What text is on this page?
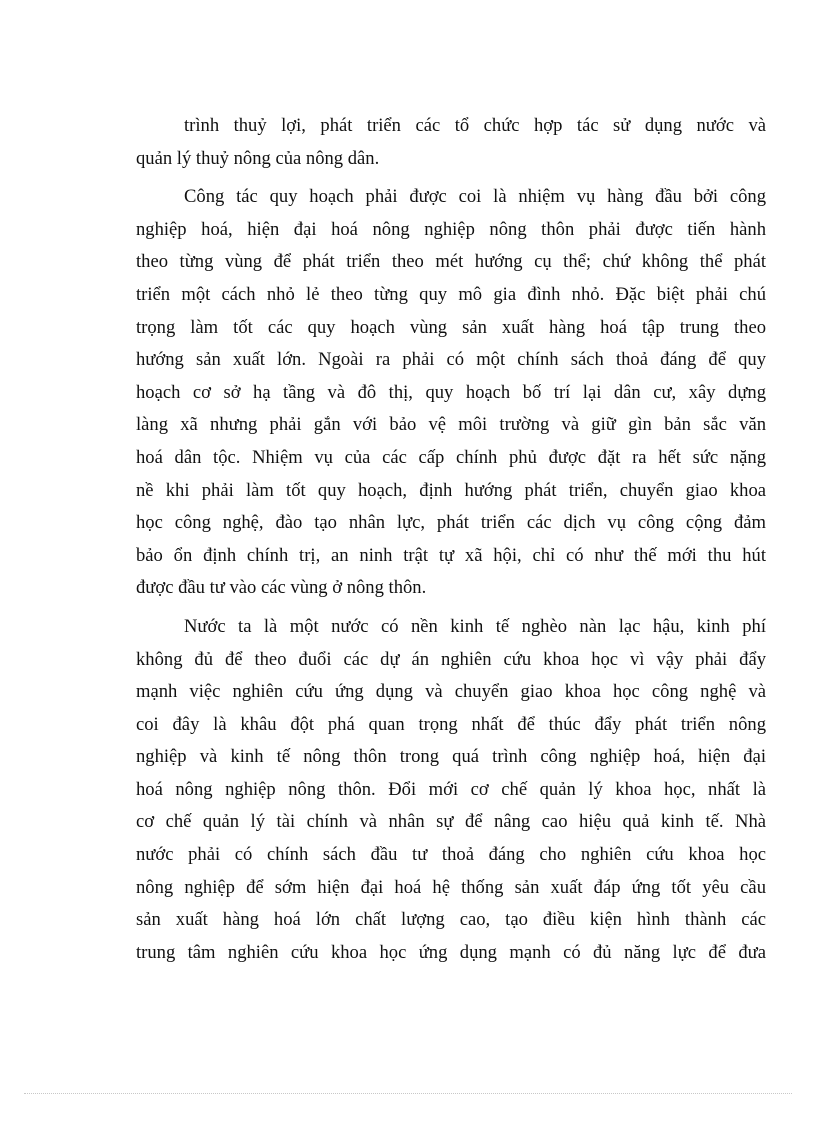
trình thuỷ lợi, phát triển các tổ chức hợp tác sử dụng nước và
quản lý thuỷ nông của nông dân.
Công tác quy hoạch phải được coi là nhiệm vụ hàng đầu bởi công
nghiệp hoá, hiện đại hoá nông nghiệp nông thôn phải được tiến hành
theo từng vùng để phát triển theo mét hướng cụ thể; chứ không thể phát
triển một cách nhỏ lẻ theo từng quy mô gia đình nhỏ. Đặc biệt phải chú
trọng làm tốt các quy hoạch vùng sản xuất hàng hoá tập trung theo
hướng sản xuất lớn. Ngoài ra phải có một chính sách thoả đáng để quy
hoạch cơ sở hạ tầng và đô thị, quy hoạch bố trí lại dân cư, xây dựng
làng xã nhưng phải gắn với bảo vệ môi trường và giữ gìn bản sắc văn
hoá dân tộc. Nhiệm vụ của các cấp chính phủ được đặt ra hết sức nặng
nề khi phải làm tốt quy hoạch, định hướng phát triển, chuyển giao khoa
học công nghệ, đào tạo nhân lực, phát triển các dịch vụ công cộng đảm
bảo ổn định chính trị, an ninh trật tự xã hội, chỉ có như thế mới thu hút
được đầu tư vào các vùng ở nông thôn.
Nước ta là một nước có nền kinh tế nghèo nàn lạc hậu, kinh phí
không đủ để theo đuổi các dự án nghiên cứu khoa học vì vậy phải đẩy
mạnh việc nghiên cứu ứng dụng và chuyển giao khoa học công nghệ và
coi đây là khâu đột phá quan trọng nhất để thúc đẩy phát triển nông
nghiệp và kinh tế nông thôn trong quá trình công nghiệp hoá, hiện đại
hoá nông nghiệp nông thôn. Đổi mới cơ chế quản lý khoa học, nhất là
cơ chế quản lý tài chính và nhân sự để nâng cao hiệu quả kinh tế. Nhà
nước phải có chính sách đầu tư thoả đáng cho nghiên cứu khoa học
nông nghiệp để sớm hiện đại hoá hệ thống sản xuất đáp ứng tốt yêu cầu
sản xuất hàng hoá lớn chất lượng cao, tạo điều kiện hình thành các
trung tâm nghiên cứu khoa học ứng dụng mạnh có đủ năng lực để đưa
